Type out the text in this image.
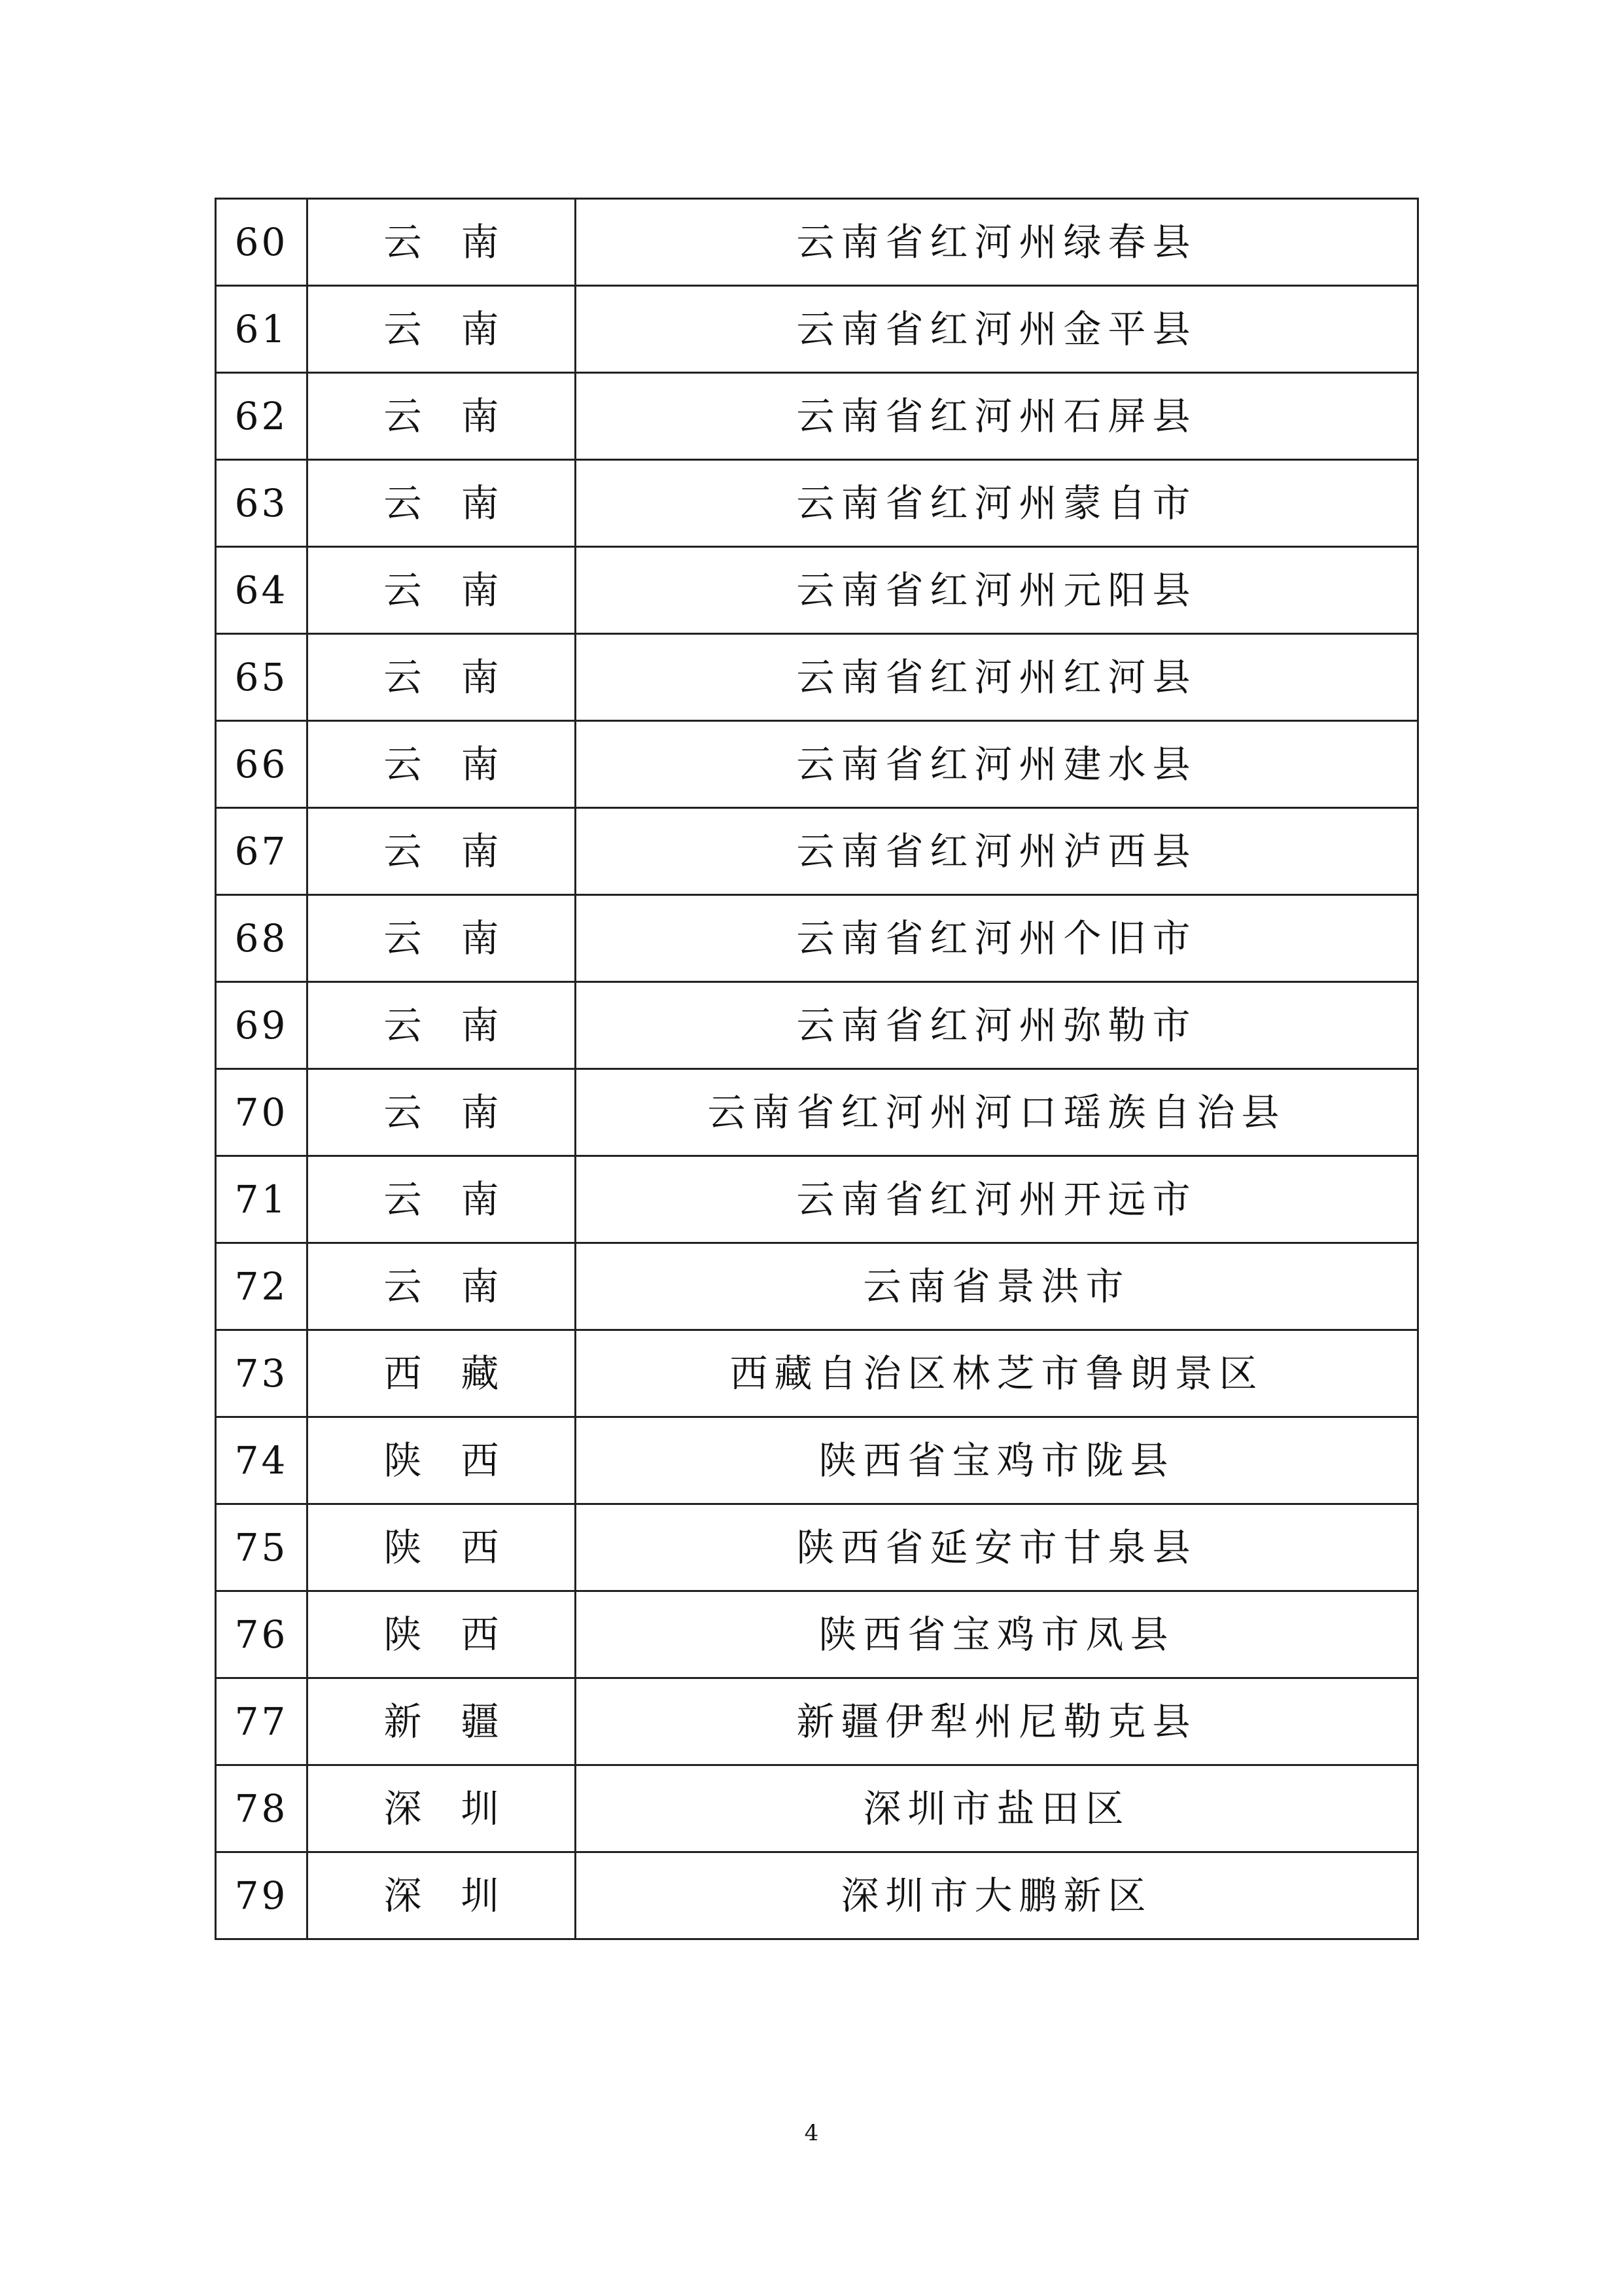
60	云南	云南省红河州绿春县
61	云南	云南省红河州金平县
62	云南	云南省红河州石屏县
63	云南	云南省红河州蒙自市
64	云南	云南省红河州元阳县
65	云南	云南省红河州红河县
66	云南	云南省红河州建水县
67	云南	云南省红河州泸西县
68	云南	云南省红河州个旧市
69	云南	云南省红河州弥勒市
70	云南	云南省红河州河口瑶族自治县
71	云南	云南省红河州开远市
72	云南	云南省景洪市
73	西藏	西藏自治区林芝市鲁朗景区
74	陕西	陕西省宝鸡市陇县
75	陕西	陕西省延安市甘泉县
76	陕西	陕西省宝鸡市凤县
77	新疆	新疆伊犁州尼勒克县
78	深圳	深圳市盐田区
79	深圳	深圳市大鹏新区
4
